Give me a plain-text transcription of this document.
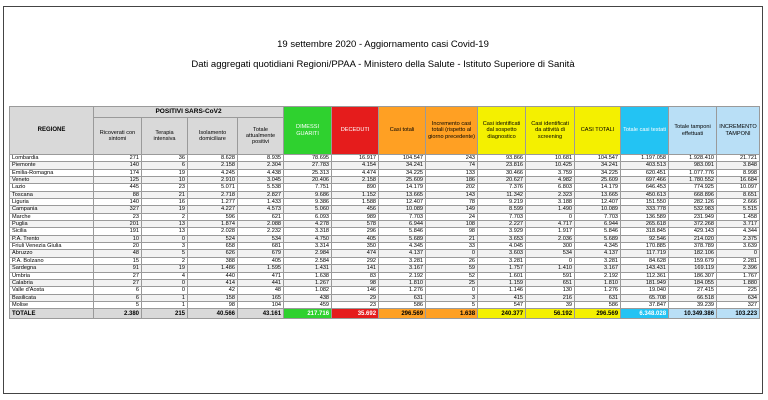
19 settembre 2020 - Aggiornamento casi Covid-19
Dati aggregati quotidiani Regioni/PPAA - Ministero della Salute - Istituto Superiore di Sanità
REGIONE	POSITIVI SARS-CoV2				DIMESSI GUARITI	DECEDUTI	Casi totali	Incremento casi totali (rispetto al giorno precedente)	Casi identificati dal sospetto diagnostico	Casi identificati da attività di screening	CASI TOTALI	Totale casi testati	Totale tamponi effettuati	INCREMENTO TAMPONI
	Ricoverati con sintomi	Terapia intensiva	Isolamento domiciliare	Totale attualmente positivi										
Lombardia	271	36	8.628	8.935	78.695	16.917	104.547	243	93.866	10.681	104.547	1.197.058	1.928.410	21.721
Piemonte	140	6	2.158	2.304	27.783	4.154	34.241	74	23.816	10.425	34.241	403.513	983.091	3.848
Emilia-Romagna	174	19	4.245	4.438	25.313	4.474	34.225	133	30.466	3.759	34.225	620.451	1.077.776	8.998
Veneto	125	10	2.910	3.045	20.406	2.158	25.609	186	20.627	4.982	25.609	697.466	1.780.552	16.684
Lazio	445	23	5.071	5.538	7.751	890	14.179	202	7.376	6.803	14.179	646.453	774.925	10.097
Toscana	88	21	2.718	2.827	9.686	1.152	13.665	143	11.342	2.323	13.665	450.613	668.896	8.651
Liguria	140	16	1.277	1.433	9.386	1.588	12.407	78	9.219	3.188	12.407	151.550	282.126	2.666
Campania	327	19	4.227	4.573	5.060	456	10.089	149	8.599	1.490	10.089	333.778	532.983	5.515
Marche	23	2	596	621	6.093	989	7.703	24	7.703	0	7.703	136.589	231.949	1.458
Puglia	201	13	1.874	2.088	4.278	578	6.944	108	2.227	4.717	6.944	265.618	372.268	3.717
Sicilia	191	13	2.028	2.232	3.318	296	5.846	98	3.929	1.917	5.846	318.845	429.143	4.344
P.A. Trento	10	0	524	534	4.750	405	5.689	21	3.653	2.036	5.689	92.546	214.020	2.375
Friuli Venezia Giulia	20	3	658	681	3.314	350	4.345	33	4.045	300	4.345	170.885	378.789	3.639
Abruzzo	48	5	626	679	2.984	474	4.137	0	3.603	534	4.137	117.719	182.106	0
P.A. Bolzano	15	2	388	405	2.584	292	3.281	26	3.281	0	3.281	84.628	159.679	2.281
Sardegna	91	19	1.486	1.595	1.431	141	3.167	59	1.757	1.410	3.167	143.431	169.119	2.396
Umbria	27	4	440	471	1.638	83	2.192	52	1.601	591	2.192	112.361	186.307	1.767
Calabria	27	0	414	441	1.267	98	1.810	25	1.159	651	1.810	181.949	184.055	1.880
Valle d'Aosta	6	0	42	48	1.082	146	1.276	0	1.146	130	1.276	19.040	27.415	225
Basilicata	6	1	158	165	438	29	631	3	415	216	631	65.708	66.518	634
Molise	5	1	98	104	459	23	586	5	547	39	586	37.847	39.239	327
TOTALE	2.380	215	40.566	43.161	217.716	35.692	296.569	1.638	240.377	56.192	296.569	6.348.028	10.349.386	103.223
